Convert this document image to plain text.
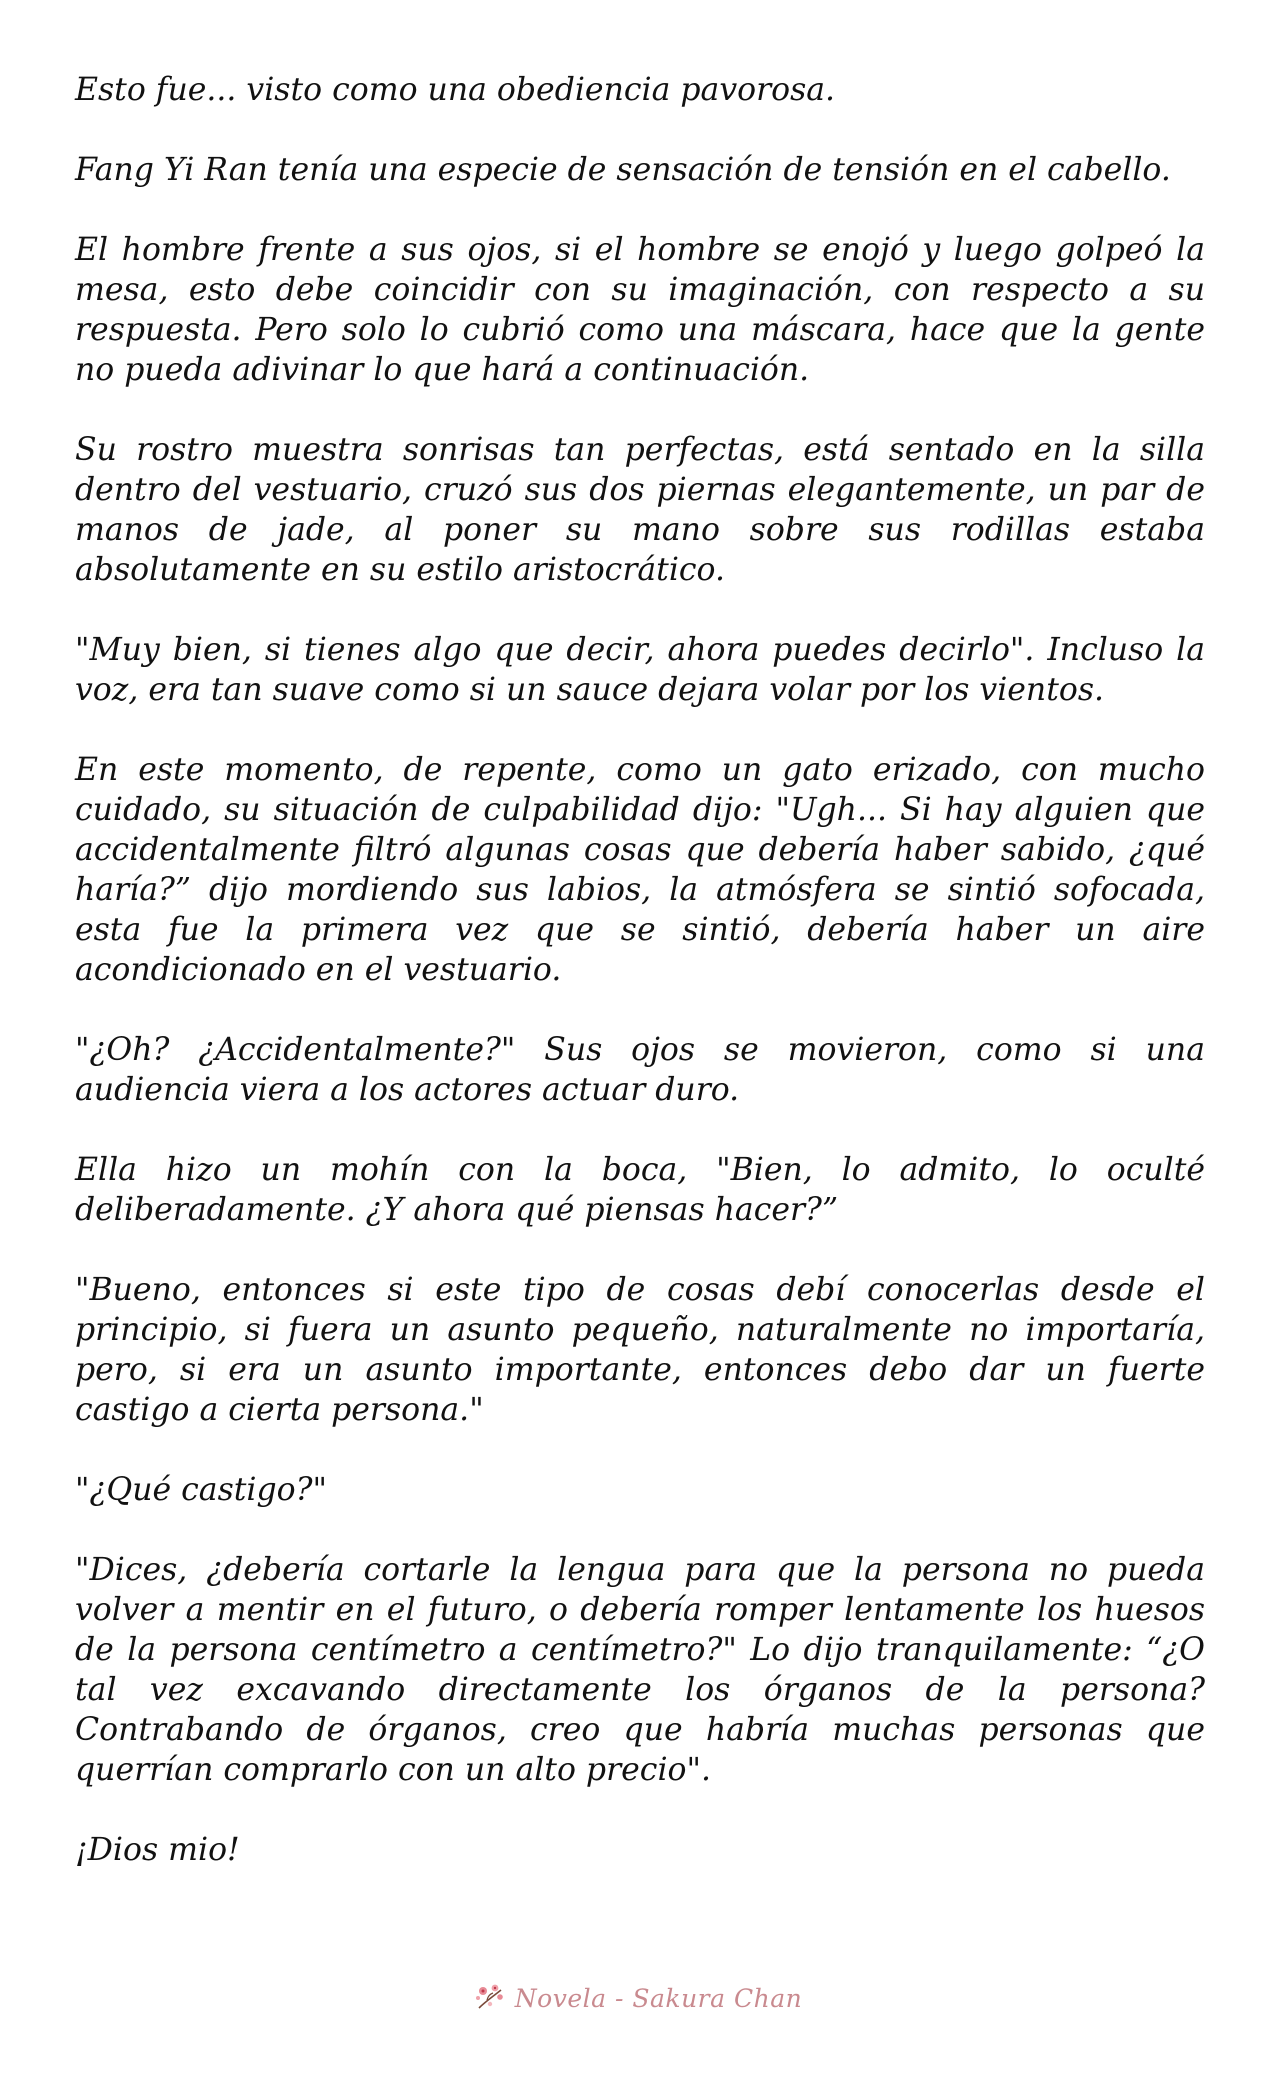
Esto fue... visto como una obediencia pavorosa.

Fang Yi Ran tenía una especie de sensación de tensión en el cabello.

El hombre frente a sus ojos, si el hombre se enojó y luego golpeó la mesa, esto debe coincidir con su imaginación, con respecto a su respuesta. Pero solo lo cubrió como una máscara, hace que la gente no pueda adivinar lo que hará a continuación.

Su rostro muestra sonrisas tan perfectas, está sentado en la silla dentro del vestuario, cruzó sus dos piernas elegantemente, un par de manos de jade, al poner su mano sobre sus rodillas estaba absolutamente en su estilo aristocrático.

"Muy bien, si tienes algo que decir, ahora puedes decirlo". Incluso la voz, era tan suave como si un sauce dejara volar por los vientos.

En este momento, de repente, como un gato erizado, con mucho cuidado, su situación de culpabilidad dijo: "Ugh... Si hay alguien que accidentalmente filtró algunas cosas que debería haber sabido, ¿qué haría?” dijo mordiendo sus labios, la atmósfera se sintió sofocada, esta fue la primera vez que se sintió, debería haber un aire acondicionado en el vestuario.

"¿Oh? ¿Accidentalmente?" Sus ojos se movieron, como si una audiencia viera a los actores actuar duro.

Ella hizo un mohín con la boca, "Bien, lo admito, lo oculté deliberadamente. ¿Y ahora qué piensas hacer?”

"Bueno, entonces si este tipo de cosas debí conocerlas desde el principio, si fuera un asunto pequeño, naturalmente no importaría, pero, si era un asunto importante, entonces debo dar un fuerte castigo a cierta persona."

"¿Qué castigo?"

"Dices, ¿debería cortarle la lengua para que la persona no pueda volver a mentir en el futuro, o debería romper lentamente los huesos de la persona centímetro a centímetro?" Lo dijo tranquilamente: “¿O tal vez excavando directamente los órganos de la persona? Contrabando de órganos, creo que habría muchas personas que querrían comprarlo con un alto precio".

¡Dios mio!

Novela - Sakura Chan
